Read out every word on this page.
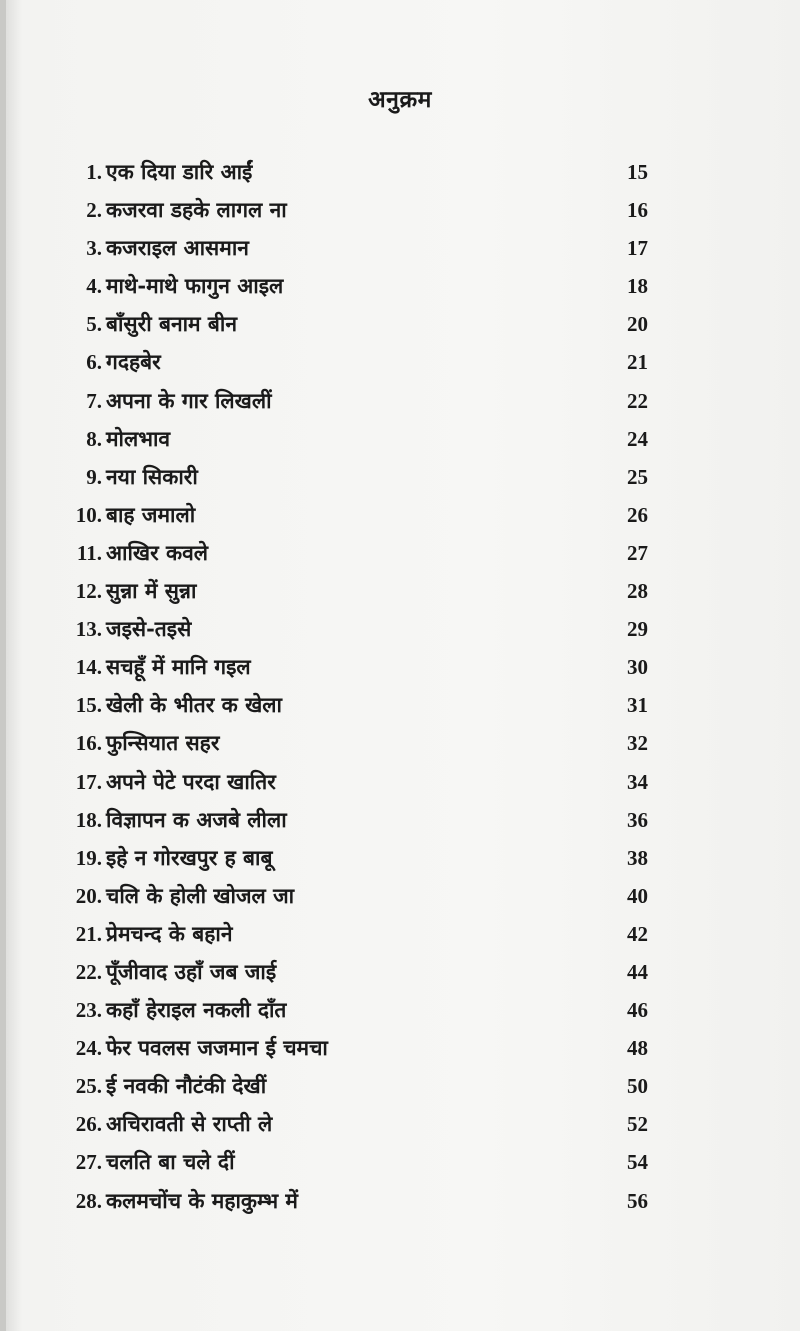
अनुक्रम
1. एक दिया डारि आईं	15
2. कजरवा डहके लागल ना	16
3. कजराइल आसमान	17
4. माथे-माथे फागुन आइल	18
5. बाँसुरी बनाम बीन	20
6. गदहबेर	21
7. अपना के गार लिखलीं	22
8. मोलभाव	24
9. नया सिकारी	25
10. बाह जमालो	26
11. आखिर कवले	27
12. सुन्ना में सुन्ना	28
13. जइसे-तइसे	29
14. सचहूँ में मानि गइल	30
15. खेली के भीतर क खेला	31
16. फुन्सियात सहर	32
17. अपने पेटे परदा खातिर	34
18. विज्ञापन क अजबे लीला	36
19. इहे न गोरखपुर ह बाबू	38
20. चलि के होली खोजल जा	40
21. प्रेमचन्द के बहाने	42
22. पूँजीवाद उहाँ जब जाई	44
23. कहाँ हेराइल नकली दाँत	46
24. फेर पवलस जजमान ई चमचा	48
25. ई नवकी नौटंकी देखीं	50
26. अचिरावती से राप्ती ले	52
27. चलति बा चले दीं	54
28. कलमचोंच के महाकुम्भ में	56
